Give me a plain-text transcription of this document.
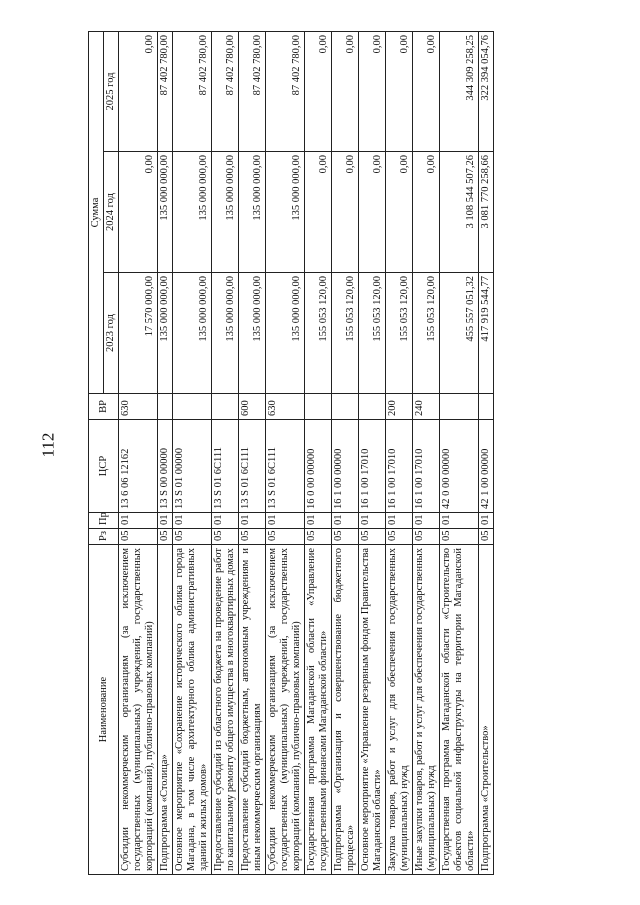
112
Наименование	Рз	Пр	ЦСР	ВР	Сумма		
					2023 год	2024 год	2025 год
Субсидии некоммерческим организациям (за исключением государственных (муниципальных) учреждений, государственных корпораций (компаний), публично-правовых компаний)	05	01	13 6 06 12162	630	17 570 000,00	0,00	0,00
Подпрограмма «Столица»	05	01	13 S 00 00000		135 000 000,00	135 000 000,00	87 402 780,00
Основное мероприятие «Сохранение исторического облика города Магадана, в том числе архитектурного облика административных зданий и жилых домов»	05	01	13 S 01 00000		135 000 000,00	135 000 000,00	87 402 780,00
Предоставление субсидий из областного бюджета на проведение работ по капитальному ремонту общего имущества в многоквартирных домах	05	01	13 S 01 6С111		135 000 000,00	135 000 000,00	87 402 780,00
Предоставление субсидий бюджетным, автономным учреждениям и иным некоммерческим организациям	05	01	13 S 01 6С111	600	135 000 000,00	135 000 000,00	87 402 780,00
Субсидии некоммерческим организациям (за исключением государственных (муниципальных) учреждений, государственных корпораций (компаний), публично-правовых компаний)	05	01	13 S 01 6С111	630	135 000 000,00	135 000 000,00	87 402 780,00
Государственная программа Магаданской области «Управление государственными финансами Магаданской области»	05	01	16 0 00 00000		155 053 120,00	0,00	0,00
Подпрограмма «Организация и совершенствование бюджетного процесса»	05	01	16 1 00 00000		155 053 120,00	0,00	0,00
Основное мероприятие «Управление резервным фондом Правительства Магаданской области»	05	01	16 1 00 17010		155 053 120,00	0,00	0,00
Закупка товаров, работ и услуг для обеспечения государственных (муниципальных) нужд	05	01	16 1 00 17010	200	155 053 120,00	0,00	0,00
Иные закупки товаров, работ и услуг для обеспечения государственных (муниципальных) нужд	05	01	16 1 00 17010	240	155 053 120,00	0,00	0,00
Государственная программа Магаданской области «Строительство объектов социальной инфраструктуры на территории Магаданской области»	05	01	42 0 00 00000		455 557 051,32	3 108 544 507,26	344 309 258,25
Подпрограмма «Строительство»	05	01	42 1 00 00000		417 919 544,77	3 081 770 258,66	322 394 054,76
